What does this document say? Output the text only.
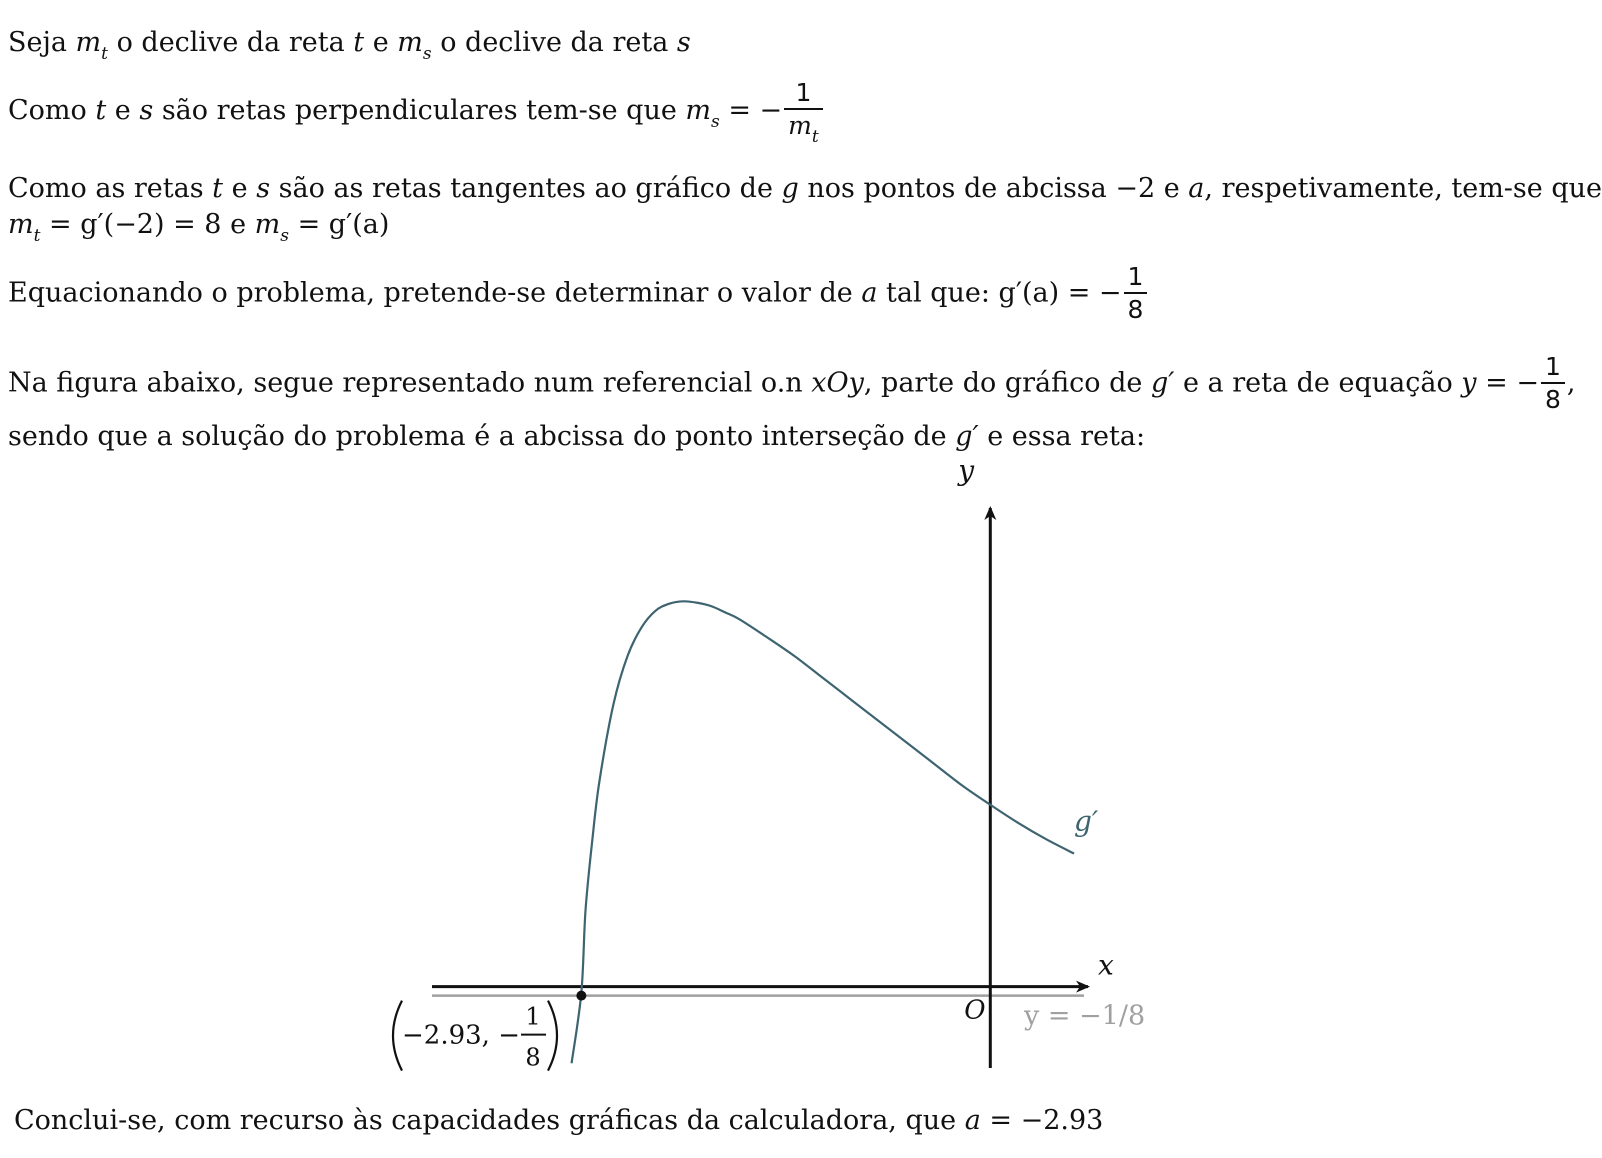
Seja $m_t$ o declive da reta t e $m_s$ o declive da reta s
Como t e s são retas perpendiculares tem-se que $m_s$ = − $\frac{1}{m_t}$
Como as retas t e s são as retas tangentes ao gráfico de g nos pontos de abcissa −2 e a, respetivamente, tem-se que
$m_t = g'(-2) = 8$ e $m_s = g'(a)$
Equacionando o problema, pretende-se determinar o valor de a tal que: g′(a) = − $\frac{1}{8}$
Na figura abaixo, segue representado num referencial o.n xOy, parte do gráfico de g′ e a reta de equação y = − $\frac{1}{8}$ ,
sendo que a solução do problema é a abcissa do ponto interseção de g′ e essa reta:
y
x
O
g′
y = −1/8
−2.93, −
1
8
Conclui-se, com recurso às capacidades gráficas da calculadora, que a = −2.93
